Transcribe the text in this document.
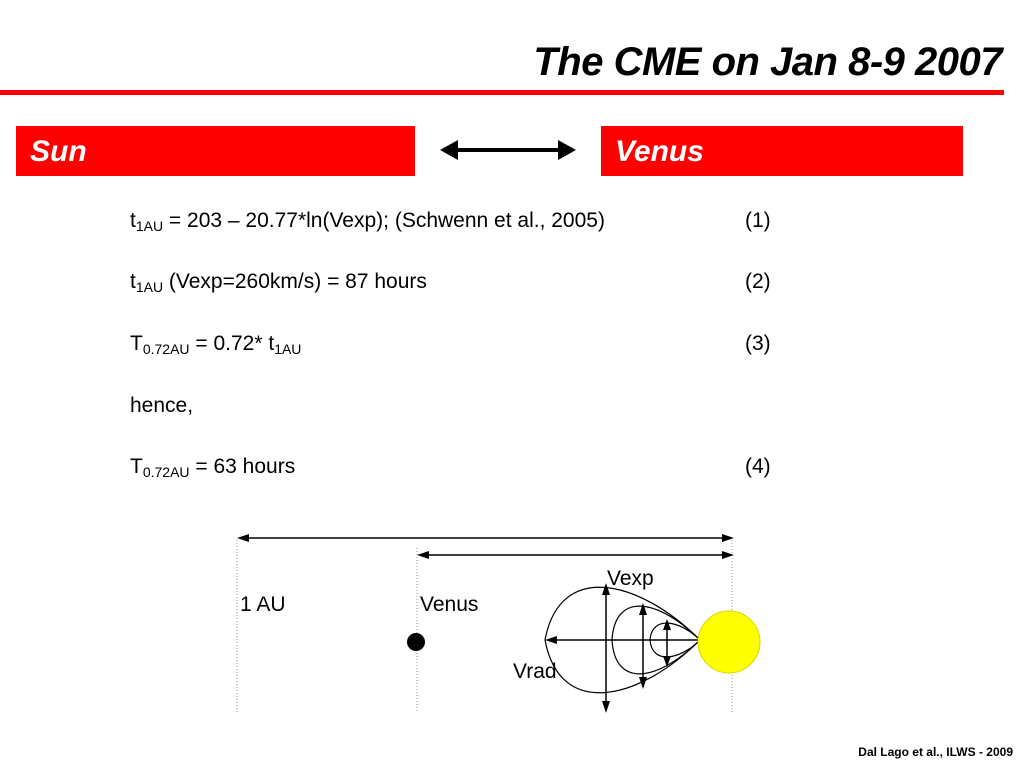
The CME on Jan 8-9 2007
Sun	Venus
$t_{1AU} = 203 - 20.77*\ln(Vexp)$; (Schwenn et al., 2005)	(1)
$t_{1AU}$ (Vexp=260km/s) = 87 hours	(2)
$T_{0.72AU} = 0.72*$ $t_{1AU}$	(3)
hence,
$T_{0.72AU} = 63$ hours	(4)
1 AU	Venus
Vexp
Vrad
Dal Lago et al., ILWS - 2009
